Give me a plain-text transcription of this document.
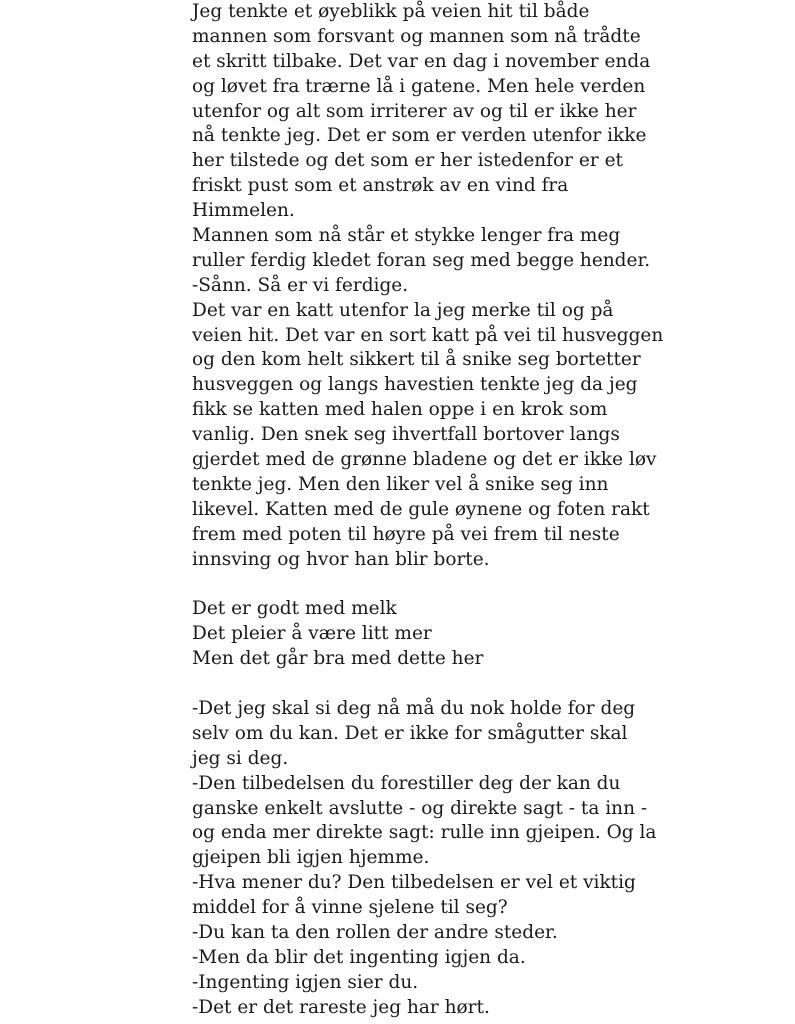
Jeg tenkte et øyeblikk på veien hit til både
mannen som forsvant og mannen som nå trådte
et skritt tilbake. Det var en dag i november enda
og løvet fra trærne lå i gatene. Men hele verden
utenfor og alt som irriterer av og til er ikke her
nå tenkte jeg. Det er som er verden utenfor ikke
her tilstede og det som er her istedenfor er et
friskt pust som et anstrøk av en vind fra
Himmelen.
Mannen som nå står et stykke lenger fra meg
ruller ferdig kledet foran seg med begge hender.
-Sånn. Så er vi ferdige.
Det var en katt utenfor la jeg merke til og på
veien hit. Det var en sort katt på vei til husveggen
og den kom helt sikkert til å snike seg bortetter
husveggen og langs havestien tenkte jeg da jeg
fikk se katten med halen oppe i en krok som
vanlig. Den snek seg ihvertfall bortover langs
gjerdet med de grønne bladene og det er ikke løv
tenkte jeg. Men den liker vel å snike seg inn
likevel. Katten med de gule øynene og foten rakt
frem med poten til høyre på vei frem til neste
innsving og hvor han blir borte.
Det er godt med melk
Det pleier å være litt mer
Men det går bra med dette her
-Det jeg skal si deg nå må du nok holde for deg
selv om du kan. Det er ikke for smågutter skal
jeg si deg.
-Den tilbedelsen du forestiller deg der kan du
ganske enkelt avslutte - og direkte sagt - ta inn -
og enda mer direkte sagt: rulle inn gjeipen. Og la
gjeipen bli igjen hjemme.
-Hva mener du? Den tilbedelsen er vel et viktig
middel for å vinne sjelene til seg?
-Du kan ta den rollen der andre steder.
-Men da blir det ingenting igjen da.
-Ingenting igjen sier du.
-Det er det rareste jeg har hørt.
